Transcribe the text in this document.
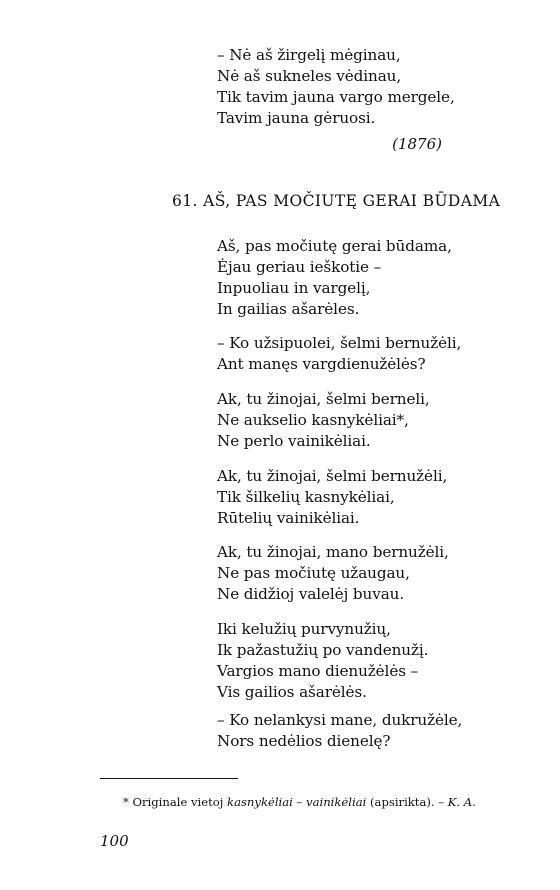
– Nė aš žirgelį mėginau,
Nė aš sukneles vėdinau,
Tik tavim jauna vargo mergele,
Tavim jauna gėruosi.

(1876)

61. AŠ, PAS MOČIUTĘ GERAI BŪDAMA
Aš, pas močiutę gerai būdama,
Ėjau geriau ieškotie –
Inpuoliau in vargelį,
In gailias ašarėles.
– Ko užsipuolei, šelmi bernužėli,
Ant manęs vargdienužėlės?
Ak, tu žinojai, šelmi berneli,
Ne aukselio kasnykėliai*,
Ne perlo vainikėliai.
Ak, tu žinojai, šelmi bernužėli,
Tik šilkelių kasnykėliai,
Rūtelių vainikėliai.
Ak, tu žinojai, mano bernužėli,
Ne pas močiutę užaugau,
Ne didžioj valelėj buvau.
Iki kelužių purvynužių,
Ik pažastužių po vandenužį.
Vargios mano dienužėlės –
Vis gailios ašarėlės.
– Ko nelankysi mane, dukružėle,
Nors nedėlios dienelę?

* Originale vietoj kasnykėliai – vainikėliai (apsirikta). – K. A.

100
